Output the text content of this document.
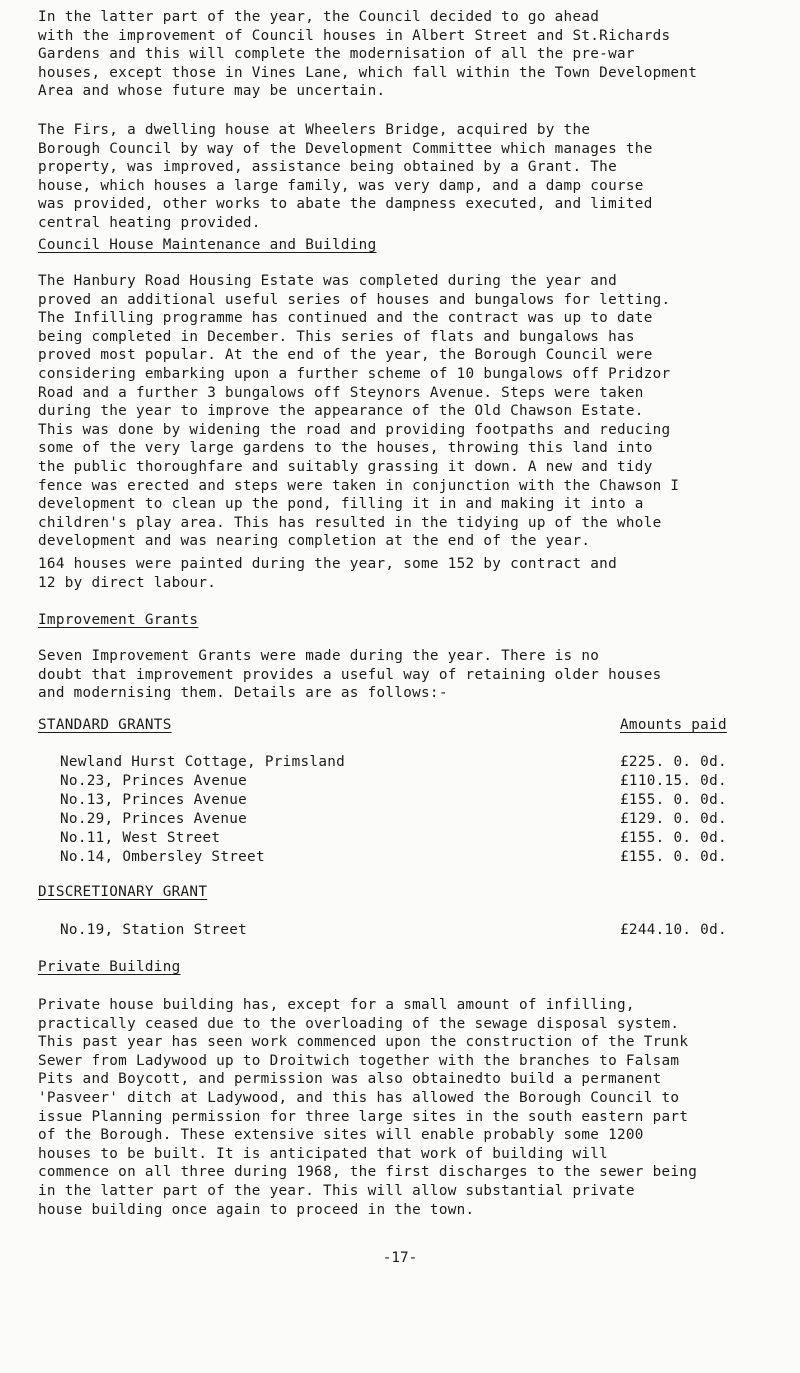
In the latter part of the year, the Council decided to go ahead
with the improvement of Council houses in Albert Street and St.Richards
Gardens and this will complete the modernisation of all the pre-war
houses, except those in Vines Lane, which fall within the Town Development
Area and whose future may be uncertain.

The Firs, a dwelling house at Wheelers Bridge, acquired by the
Borough Council by way of the Development Committee which manages the
property, was improved, assistance being obtained by a Grant. The
house, which houses a large family, was very damp, and a damp course
was provided, other works to abate the dampness executed, and limited
central heating provided.

Council House Maintenance and Building

The Hanbury Road Housing Estate was completed during the year and
proved an additional useful series of houses and bungalows for letting.
The Infilling programme has continued and the contract was up to date
being completed in December. This series of flats and bungalows has
proved most popular. At the end of the year, the Borough Council were
considering embarking upon a further scheme of 10 bungalows off Pridzor
Road and a further 3 bungalows off Steynors Avenue. Steps were taken
during the year to improve the appearance of the Old Chawson Estate.
This was done by widening the road and providing footpaths and reducing
some of the very large gardens to the houses, throwing this land into
the public thoroughfare and suitably grassing it down. A new and tidy
fence was erected and steps were taken in conjunction with the Chawson I
development to clean up the pond, filling it in and making it into a
children's play area. This has resulted in the tidying up of the whole
development and was nearing completion at the end of the year.

164 houses were painted during the year, some 152 by contract and
12 by direct labour.

Improvement Grants

Seven Improvement Grants were made during the year. There is no
doubt that improvement provides a useful way of retaining older houses
and modernising them. Details are as follows:-

STANDARD GRANTS	Amounts paid

Newland Hurst Cottage, Primsland	£225. 0. 0d.
No.23, Princes Avenue	£110.15. 0d.
No.13, Princes Avenue	£155. 0. 0d.
No.29, Princes Avenue	£129. 0. 0d.
No.11, West Street	£155. 0. 0d.
No.14, Ombersley Street	£155. 0. 0d.

DISCRETIONARY GRANT

No.19, Station Street	£244.10. 0d.

Private Building

Private house building has, except for a small amount of infilling,
practically ceased due to the overloading of the sewage disposal system.
This past year has seen work commenced upon the construction of the Trunk
Sewer from Ladywood up to Droitwich together with the branches to Falsam
Pits and Boycott, and permission was also obtainedto build a permanent
'Pasveer' ditch at Ladywood, and this has allowed the Borough Council to
issue Planning permission for three large sites in the south eastern part
of the Borough. These extensive sites will enable probably some 1200
houses to be built. It is anticipated that work of building will
commence on all three during 1968, the first discharges to the sewer being
in the latter part of the year. This will allow substantial private
house building once again to proceed in the town.

-17-
